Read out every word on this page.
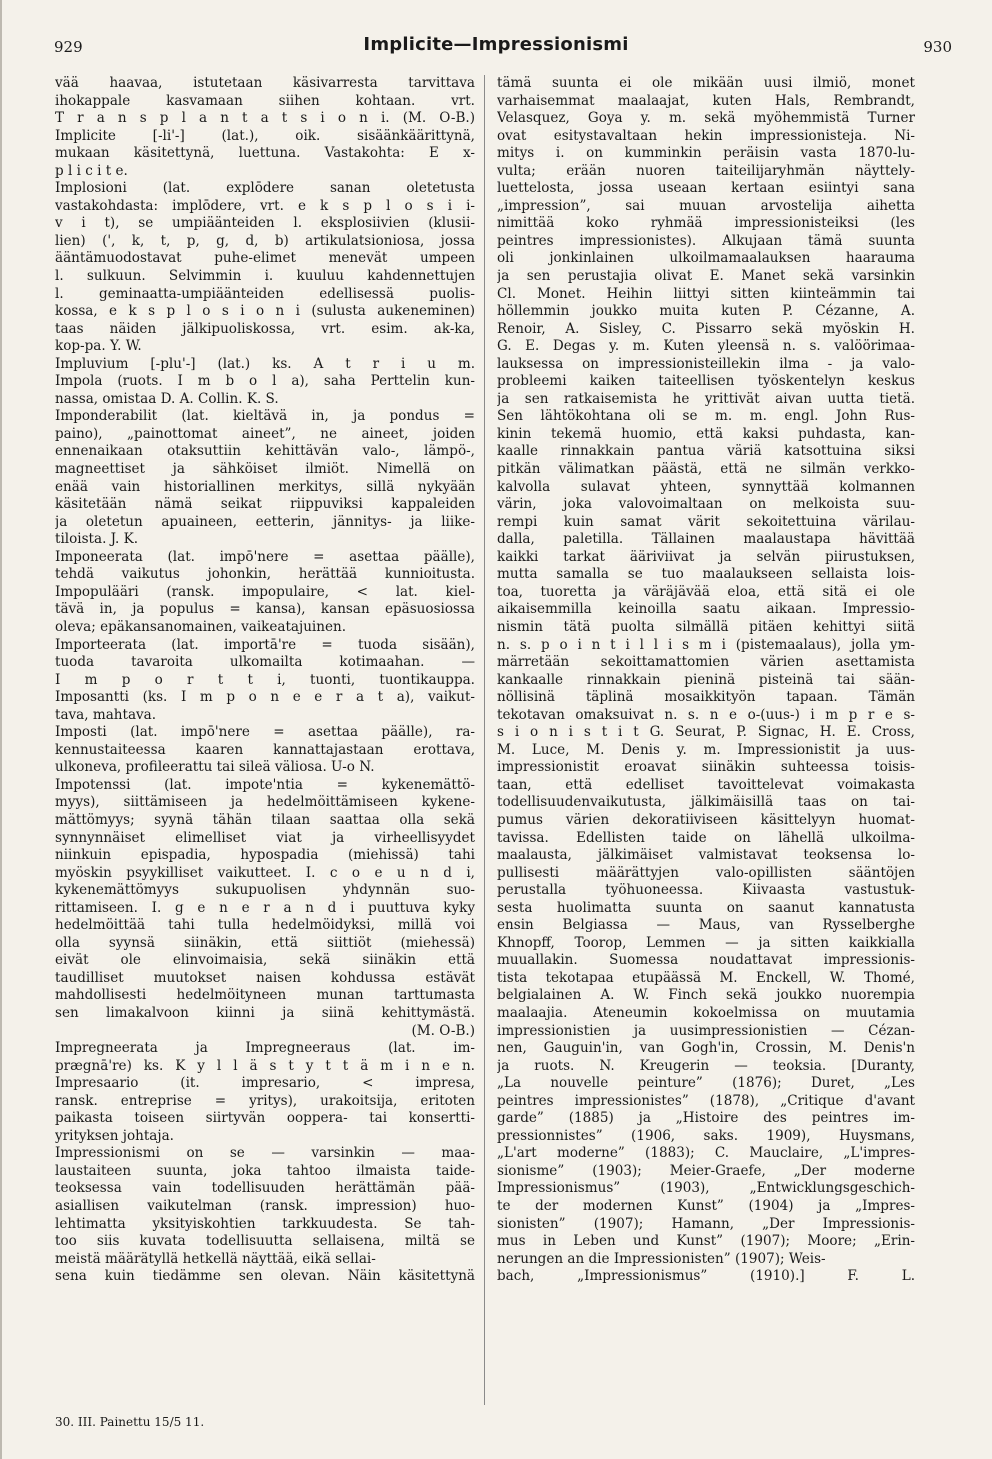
929	Implicite—Impressionismi	930
vää haavaa, istutetaan käsivarresta tarvittava
ihokappale kasvamaan siihen kohtaan. vrt.
T r a n s p l a n t a t s i o n i. (M. O-B.)
Implicite [-li'-] (lat.), oik. sisäänkäärittynä,
mukaan käsitettynä, luettuna. Vastakohta: E x-
p l i c i t e.
Implosioni (lat. explōdere sanan oletetusta
vastakohdasta: implōdere, vrt. e k s p l o s i i-
v i t), se umpiäänteiden l. eksplosiivien (klusii-
lien) (', k, t, p, g, d, b) artikulatsioniosa, jossa
ääntämuodostavat puhe-elimet menevät umpeen
l. sulkuun. Selvimmin i. kuuluu kahdennettujen
l. geminaatta-umpiäänteiden edellisessä puolis-
kossa, e k s p l o s i o n i (sulusta aukeneminen)
taas näiden jälkipuoliskossa, vrt. esim. ak-ka,
kop-pa. Y. W.
Impluvium [-plu'-] (lat.) ks. A t r i u m.
Impola (ruots. I m b o l a), saha Perttelin kun-
nassa, omistaa D. A. Collin. K. S.
Imponderabilit (lat. kieltävä in, ja pondus =
paino), „painottomat aineet”, ne aineet, joiden
ennenaikaan otaksuttiin kehittävän valo-, lämpö-,
magneettiset ja sähköiset ilmiöt. Nimellä on
enää vain historiallinen merkitys, sillä nykyään
käsitetään nämä seikat riippuviksi kappaleiden
ja oletetun apuaineen, eetterin, jännitys- ja liike-
tiloista. J. K.
Imponeerata (lat. impō'nere = asettaa päälle),
tehdä vaikutus johonkin, herättää kunnioitusta.
Impopulääri (ransk. impopulaire, < lat. kiel-
tävä in, ja populus = kansa), kansan epäsuosiossa
oleva; epäkansanomainen, vaikeatajuinen.
Importeerata (lat. importā're = tuoda sisään),
tuoda tavaroita ulkomailta kotimaahan. —
I m p o r t t i, tuonti, tuontikauppa.
Imposantti (ks. I m p o n e e r a t a), vaikut-
tava, mahtava.
Imposti (lat. impō'nere = asettaa päälle), ra-
kennustaiteessa kaaren kannattajastaan erottava,
ulkoneva, profileerattu tai sileä väliosa. U-o N.
Impotenssi (lat. impote'ntia = kykenemättö-
myys), siittämiseen ja hedelmöittämiseen kykene-
mättömyys; syynä tähän tilaan saattaa olla sekä
synnynnäiset elimelliset viat ja virheellisyydet
niinkuin epispadia, hypospadia (miehissä) tahi
myöskin psyykilliset vaikutteet. I. c o e u n d i,
kykenemättömyys sukupuolisen yhdynnän suo-
rittamiseen. I. g e n e r a n d i puuttuva kyky
hedelmöittää tahi tulla hedelmöidyksi, millä voi
olla syynsä siinäkin, että siittiöt (miehessä)
eivät ole elinvoimaisia, sekä siinäkin että
taudilliset muutokset naisen kohdussa estävät
mahdollisesti hedelmöityneen munan tarttumasta
sen limakalvoon kiinni ja siinä kehittymästä.
(M. O-B.)
Impregneerata ja Impregneeraus (lat. im-
prægnā're) ks. K y l l ä s t y t t ä m i n e n.
Impresaario (it. impresario, < impresa,
ransk. entreprise = yritys), urakoitsija, eritoten
paikasta toiseen siirtyvän ooppera- tai konsertti-
yrityksen johtaja.
Impressionismi on se — varsinkin — maa-
laustaiteen suunta, joka tahtoo ilmaista taide-
teoksessa vain todellisuuden herättämän pää-
asiallisen vaikutelman (ransk. impression) huo-
lehtimatta yksityiskohtien tarkkuudesta. Se tah-
too siis kuvata todellisuutta sellaisena, miltä se
meistä määrätyllä hetkellä näyttää, eikä sellai-
sena kuin tiedämme sen olevan. Näin käsitettynä
tämä suunta ei ole mikään uusi ilmiö, monet
varhaisemmat maalaajat, kuten Hals, Rembrandt,
Velasquez, Goya y. m. sekä myöhemmistä Turner
ovat esitystavaltaan hekin impressionisteja. Ni-
mitys i. on kumminkin peräisin vasta 1870-lu-
vulta; erään nuoren taiteilijaryhmän näyttely-
luettelosta, jossa useaan kertaan esiintyi sana
„impression”, sai muuan arvostelija aihetta
nimittää koko ryhmää impressionisteiksi (les
peintres impressionistes). Alkujaan tämä suunta
oli jonkinlainen ulkoilmamaalauksen haarauma
ja sen perustajia olivat E. Manet sekä varsinkin
Cl. Monet. Heihin liittyi sitten kiinteämmin tai
höllemmin joukko muita kuten P. Cézanne, A.
Renoir, A. Sisley, C. Pissarro sekä myöskin H.
G. E. Degas y. m. Kuten yleensä n. s. valöörimaa-
lauksessa on impressionisteillekin ilma - ja valo-
probleemi kaiken taiteellisen työskentelyn keskus
ja sen ratkaisemista he yrittivät aivan uutta tietä.
Sen lähtökohtana oli se m. m. engl. John Rus-
kinin tekemä huomio, että kaksi puhdasta, kan-
kaalle rinnakkain pantua väriä katsottuina siksi
pitkän välimatkan päästä, että ne silmän verkko-
kalvolla sulavat yhteen, synnyttää kolmannen
värin, joka valovoimaltaan on melkoista suu-
rempi kuin samat värit sekoitettuina värilau-
dalla, paletilla. Tällainen maalaustapa hävittää
kaikki tarkat ääriviivat ja selvän piirustuksen,
mutta samalla se tuo maalaukseen sellaista lois-
toa, tuoretta ja väräjävää eloa, että sitä ei ole
aikaisemmilla keinoilla saatu aikaan. Impressio-
nismin tätä puolta silmällä pitäen kehittyi siitä
n. s. p o i n t i l l i s m i (pistemaalaus), jolla ym-
märretään sekoittamattomien värien asettamista
kankaalle rinnakkain pieninä pisteinä tai sään-
nöllisinä täplinä mosaikkityön tapaan. Tämän
tekotavan omaksuivat n. s. n e o-(uus-) i m p r e s-
s i o n i s t i t G. Seurat, P. Signac, H. E. Cross,
M. Luce, M. Denis y. m. Impressionistit ja uus-
impressionistit eroavat siinäkin suhteessa toisis-
taan, että edelliset tavoittelevat voimakasta
todellisuudenvaikutusta, jälkimäisillä taas on tai-
pumus värien dekoratiiviseen käsittelyyn huomat-
tavissa. Edellisten taide on lähellä ulkoilma-
maalausta, jälkimäiset valmistavat teoksensa lo-
pullisesti määrättyjen valo-opillisten sääntöjen
perustalla työhuoneessa. Kiivaasta vastustuk-
sesta huolimatta suunta on saanut kannatusta
ensin Belgiassa — Maus, van Rysselberghe
Khnopff, Toorop, Lemmen — ja sitten kaikkialla
muuallakin. Suomessa noudattavat impressionis-
tista tekotapaa etupäässä M. Enckell, W. Thomé,
belgialainen A. W. Finch sekä joukko nuorempia
maalaajia. Ateneumin kokoelmissa on muutamia
impressionistien ja uusimpressionistien — Cézan-
nen, Gauguin'in, van Gogh'in, Crossin, M. Denis'n
ja ruots. N. Kreugerin — teoksia. [Duranty,
„La nouvelle peinture” (1876); Duret, „Les
peintres impressionistes” (1878), „Critique d'avant
garde” (1885) ja „Histoire des peintres im-
pressionnistes” (1906, saks. 1909), Huysmans,
„L'art moderne” (1883); C. Mauclaire, „L'impres-
sionisme” (1903); Meier-Graefe, „Der moderne
Impressionismus” (1903), „Entwicklungsgeschich-
te der modernen Kunst” (1904) ja „Impres-
sionisten” (1907); Hamann, „Der Impressionis-
mus in Leben und Kunst” (1907); Moore; „Erin-
nerungen an die Impressionisten” (1907); Weis-
bach, „Impressionismus” (1910).] F. L.
30. III. Painettu 15/5 11.
